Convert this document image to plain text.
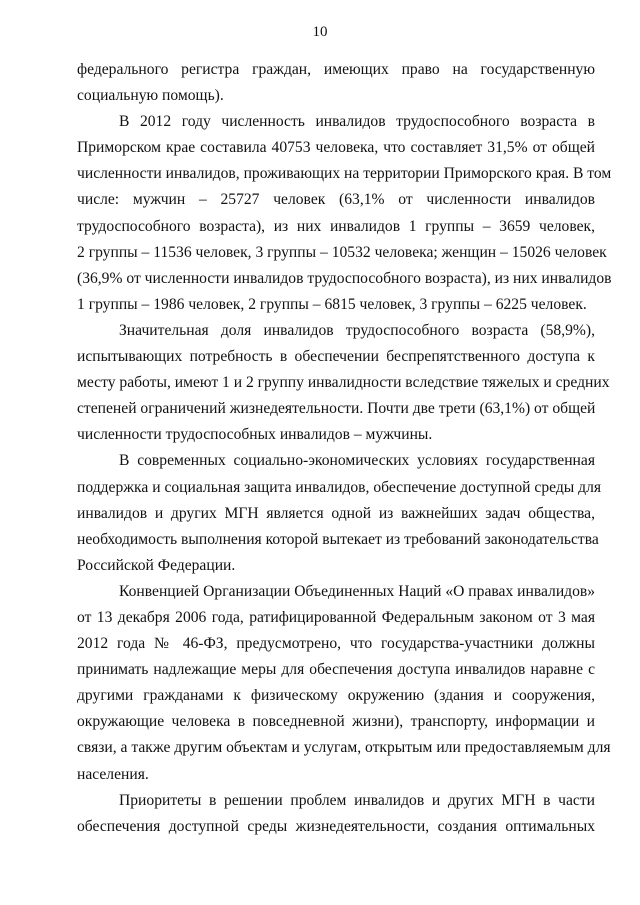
10
федерального регистра граждан, имеющих право на государственную
социальную помощь).
В 2012 году численность инвалидов трудоспособного возраста в
Приморском крае составила 40753 человека, что составляет 31,5% от общей
численности инвалидов, проживающих на территории Приморского края. В том
числе: мужчин – 25727 человек (63,1% от численности инвалидов
трудоспособного возраста), из них инвалидов 1 группы – 3659 человек,
2 группы – 11536 человек, 3 группы – 10532 человека; женщин – 15026 человек
(36,9% от численности инвалидов трудоспособного возраста), из них инвалидов
1 группы – 1986 человек, 2 группы – 6815 человек, 3 группы – 6225 человек.
Значительная доля инвалидов трудоспособного возраста (58,9%),
испытывающих потребность в обеспечении беспрепятственного доступа к
месту работы, имеют 1 и 2 группу инвалидности вследствие тяжелых и средних
степеней ограничений жизнедеятельности. Почти две трети (63,1%) от общей
численности трудоспособных инвалидов – мужчины.
В современных социально-экономических условиях государственная
поддержка и социальная защита инвалидов, обеспечение доступной среды для
инвалидов и других МГН является одной из важнейших задач общества,
необходимость выполнения которой вытекает из требований законодательства
Российской Федерации.
Конвенцией Организации Объединенных Наций «О правах инвалидов»
от 13 декабря 2006 года, ратифицированной Федеральным законом от 3 мая
2012 года № 46-ФЗ, предусмотрено, что государства-участники должны
принимать надлежащие меры для обеспечения доступа инвалидов наравне с
другими гражданами к физическому окружению (здания и сооружения,
окружающие человека в повседневной жизни), транспорту, информации и
связи, а также другим объектам и услугам, открытым или предоставляемым для
населения.
Приоритеты в решении проблем инвалидов и других МГН в части
обеспечения доступной среды жизнедеятельности, создания оптимальных
